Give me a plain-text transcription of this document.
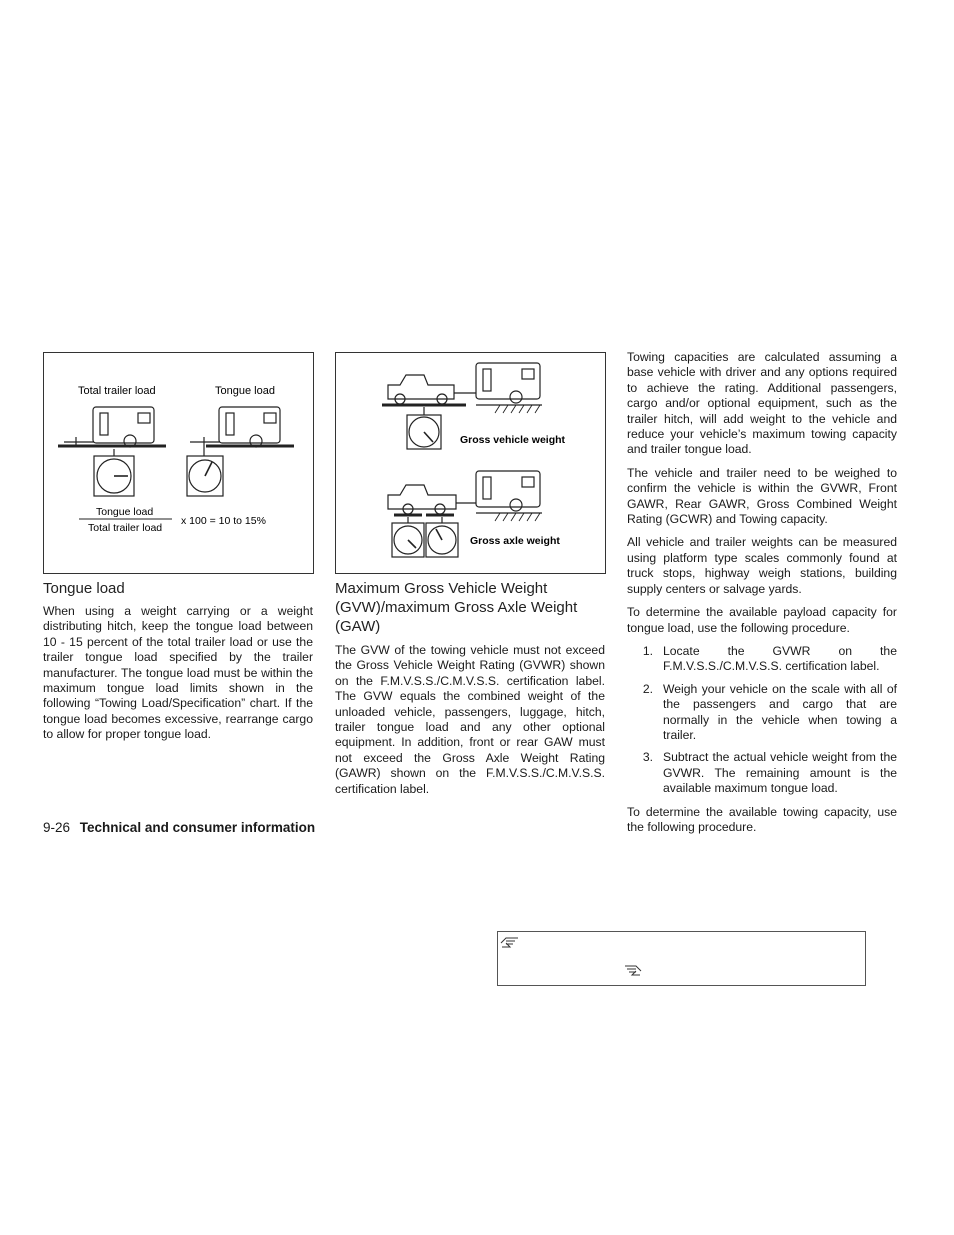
Total trailer load	Tongue load
Tongue load
Total trailer load
x 100 = 10 to 15%
Gross vehicle weight
Gross axle weight
Tongue load

When using a weight carrying or a weight distributing hitch, keep the tongue load between 10 - 15 percent of the total trailer load or use the trailer tongue load specified by the trailer manufacturer. The tongue load must be within the maximum tongue load limits shown in the following “Towing Load/Specification” chart. If the tongue load becomes excessive, rearrange cargo to allow for proper tongue load.

Maximum Gross Vehicle Weight (GVW)/maximum Gross Axle Weight (GAW)

The GVW of the towing vehicle must not exceed the Gross Vehicle Weight Rating (GVWR) shown on the F.M.V.S.S./C.M.V.S.S. certification label. The GVW equals the combined weight of the unloaded vehicle, passengers, luggage, hitch, trailer tongue load and any other optional equipment. In addition, front or rear GAW must not exceed the Gross Axle Weight Rating (GAWR) shown on the F.M.V.S.S./C.M.V.S.S. certification label.

Towing capacities are calculated assuming a base vehicle with driver and any options required to achieve the rating. Additional passengers, cargo and/or optional equipment, such as the trailer hitch, will add weight to the vehicle and reduce your vehicle’s maximum towing capacity and trailer tongue load.

The vehicle and trailer need to be weighed to confirm the vehicle is within the GVWR, Front GAWR, Rear GAWR, Gross Combined Weight Rating (GCWR) and Towing capacity.

All vehicle and trailer weights can be measured using platform type scales commonly found at truck stops, highway weigh stations, building supply centers or salvage yards.

To determine the available payload capacity for tongue load, use the following procedure.

1. Locate the GVWR on the F.M.V.S.S./C.M.V.S.S. certification label.
2. Weigh your vehicle on the scale with all of the passengers and cargo that are normally in the vehicle when towing a trailer.
3. Subtract the actual vehicle weight from the GVWR. The remaining amount is the available maximum tongue load.

To determine the available towing capacity, use the following procedure.

9-26 Technical and consumer information
